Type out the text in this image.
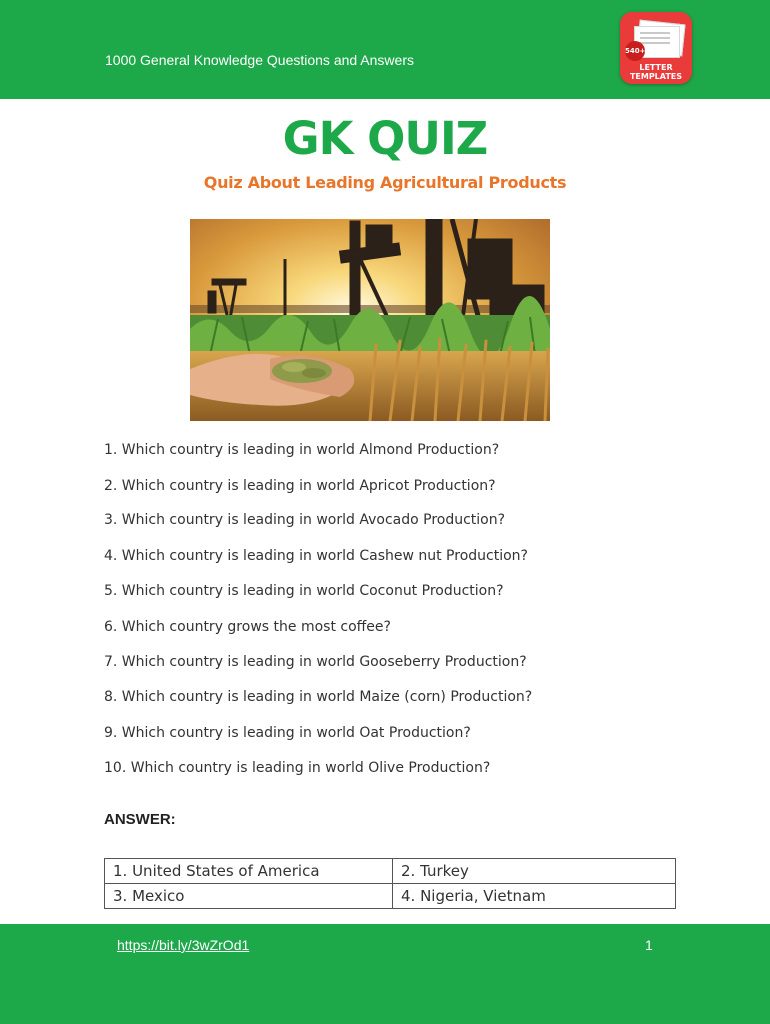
1000 General Knowledge Questions and Answers
540+
LETTER
TEMPLATES
GK QUIZ
Quiz About Leading Agricultural Products
1. Which country is leading in world Almond Production?
2. Which country is leading in world Apricot Production?
3. Which country is leading in world Avocado Production?
4. Which country is leading in world Cashew nut Production?
5. Which country is leading in world Coconut Production?
6. Which country grows the most coffee?
7. Which country is leading in world Gooseberry Production?
8. Which country is leading in world Maize (corn) Production?
9. Which country is leading in world Oat Production?
10. Which country is leading in world Olive Production?
ANSWER:
1. United States of America	2. Turkey
3. Mexico	4. Nigeria, Vietnam
https://bit.ly/3wZrOd1	1
